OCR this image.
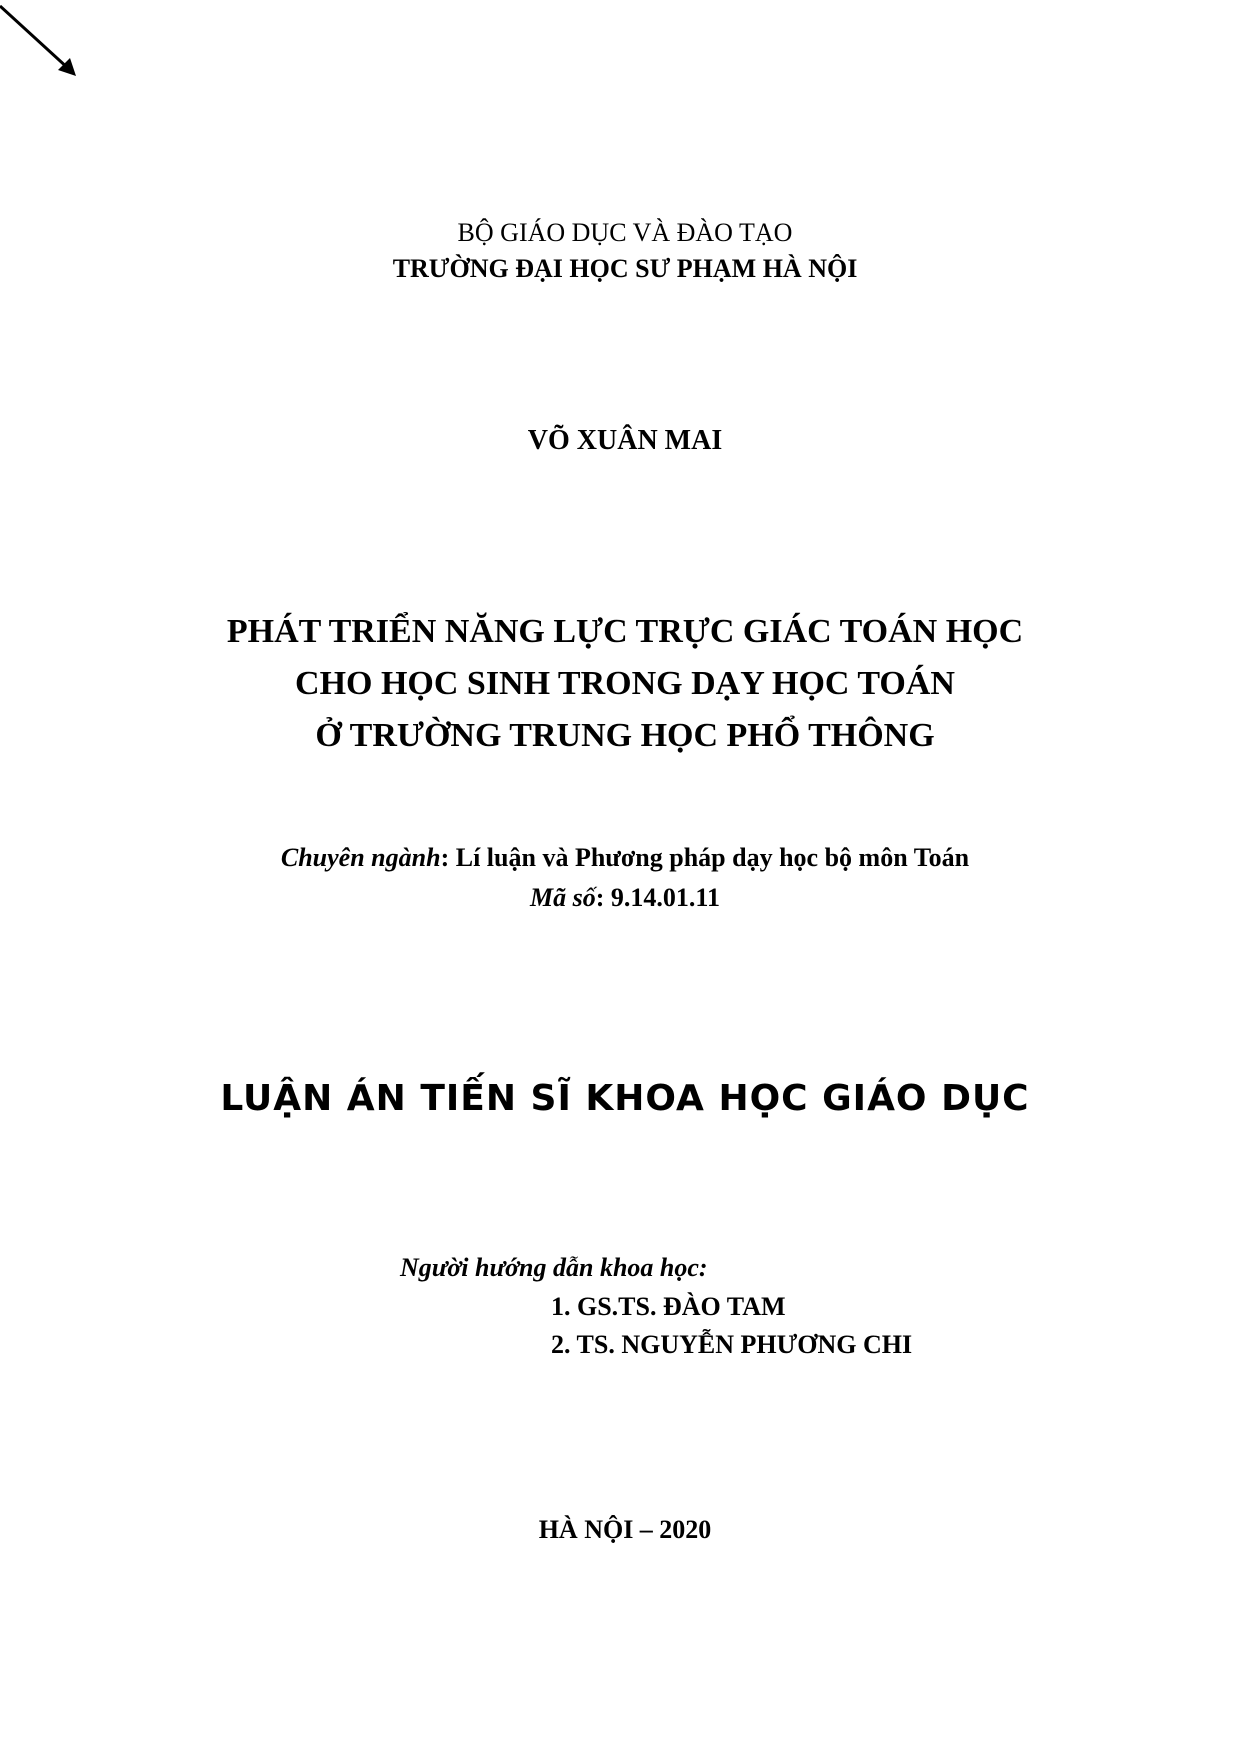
BỘ GIÁO DỤC VÀ ĐÀO TẠO
TRƯỜNG ĐẠI HỌC SƯ PHẠM HÀ NỘI
VÕ XUÂN MAI
PHÁT TRIỂN NĂNG LỰC TRỰC GIÁC TOÁN HỌC
CHO HỌC SINH TRONG DẠY HỌC TOÁN
Ở TRƯỜNG TRUNG HỌC PHỔ THÔNG
Chuyên ngành: Lí luận và Phương pháp dạy học bộ môn Toán
Mã số: 9.14.01.11
LUẬN ÁN TIẾN SĨ KHOA HỌC GIÁO DỤC
Người hướng dẫn khoa học:
1. GS.TS. ĐÀO TAM
2. TS. NGUYỄN PHƯƠNG CHI
HÀ NỘI – 2020
